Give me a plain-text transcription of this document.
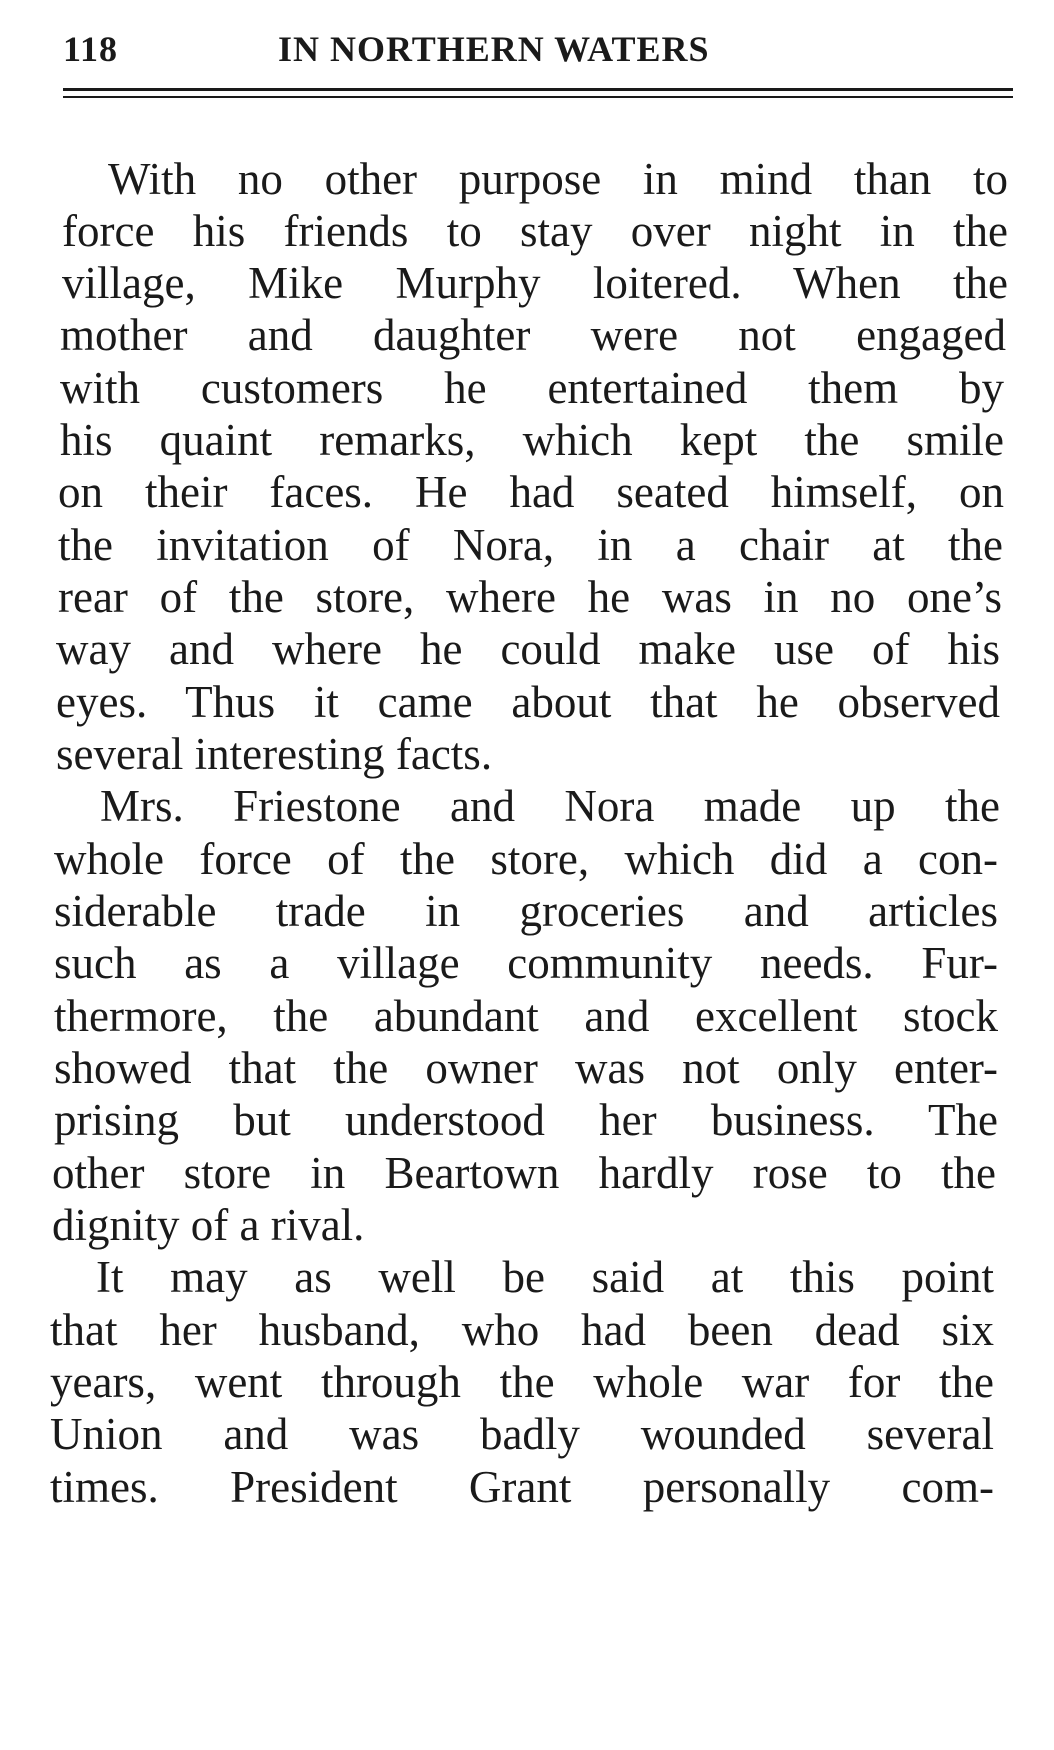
118	IN NORTHERN WATERS
With no other purpose in mind than to
force his friends to stay over night in the
village, Mike Murphy loitered. When the
mother and daughter were not engaged
with customers he entertained them by
his quaint remarks, which kept the smile
on their faces. He had seated himself, on
the invitation of Nora, in a chair at the
rear of the store, where he was in no one’s
way and where he could make use of his
eyes. Thus it came about that he observed
several interesting facts.
Mrs. Friestone and Nora made up the
whole force of the store, which did a con-
siderable trade in groceries and articles
such as a village community needs. Fur-
thermore, the abundant and excellent stock
showed that the owner was not only enter-
prising but understood her business. The
other store in Beartown hardly rose to the
dignity of a rival.
It may as well be said at this point
that her husband, who had been dead six
years, went through the whole war for the
Union and was badly wounded several
times. President Grant personally com-
